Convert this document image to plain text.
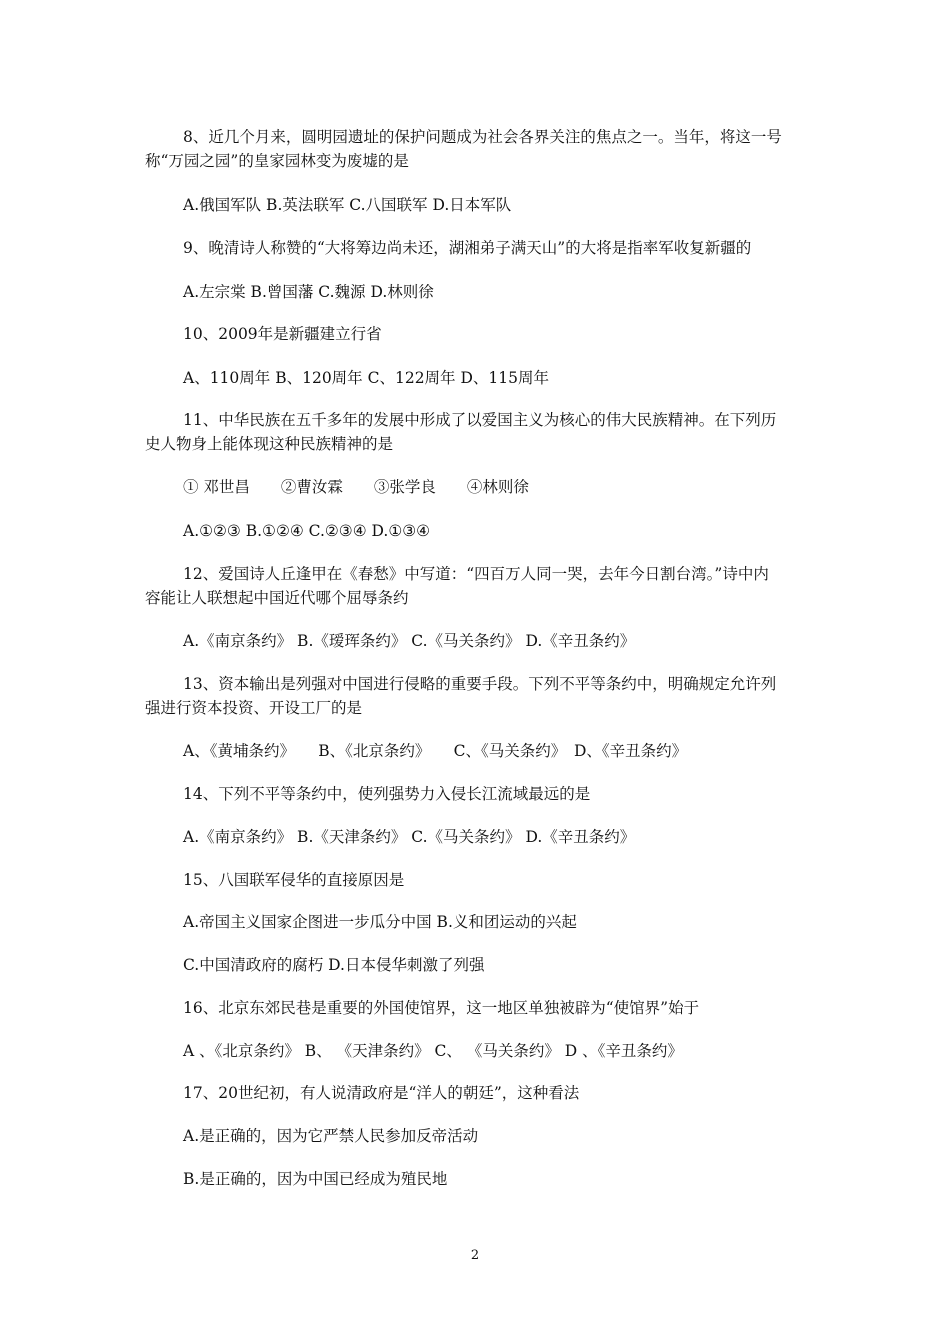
8、近几个月来，圆明园遗址的保护问题成为社会各界关注的焦点之一。当年，将这一号
称“万园之园”的皇家园林变为废墟的是
A.俄国军队 B.英法联军 C.八国联军 D.日本军队
9、晚清诗人称赞的“大将筹边尚未还，湖湘弟子满天山”的大将是指率军收复新疆的
A.左宗棠 B.曾国藩 C.魏源 D.林则徐
10、2009年是新疆建立行省
A、110周年 B、120周年 C、122周年 D、115周年
11、中华民族在五千多年的发展中形成了以爱国主义为核心的伟大民族精神。在下列历
史人物身上能体现这种民族精神的是
① 邓世昌　　②曹汝霖　　③张学良　　④林则徐
A.①②③ B.①②④ C.②③④ D.①③④
12、爱国诗人丘逢甲在《春愁》中写道：“四百万人同一哭，去年今日割台湾。”诗中内
容能让人联想起中国近代哪个屈辱条约
A.《南京条约》 B.《瑷珲条约》 C.《马关条约》 D.《辛丑条约》
13、资本输出是列强对中国进行侵略的重要手段。下列不平等条约中，明确规定允许列
强进行资本投资、开设工厂的是
A、《黄埔条约》　　B、《北京条约》　　C、《马关条约》　D、《辛丑条约》
14、下列不平等条约中，使列强势力入侵长江流域最远的是
A.《南京条约》 B.《天津条约》 C.《马关条约》 D.《辛丑条约》
15、八国联军侵华的直接原因是
A.帝国主义国家企图进一步瓜分中国 B.义和团运动的兴起
C.中国清政府的腐朽 D.日本侵华刺激了列强
16、北京东郊民巷是重要的外国使馆界，这一地区单独被辟为“使馆界”始于
A 、《北京条约》 B、 《天津条约》 C、 《马关条约》 D 、《辛丑条约》
17、20世纪初，有人说清政府是“洋人的朝廷”，这种看法
A.是正确的，因为它严禁人民参加反帝活动
B.是正确的，因为中国已经成为殖民地
2
